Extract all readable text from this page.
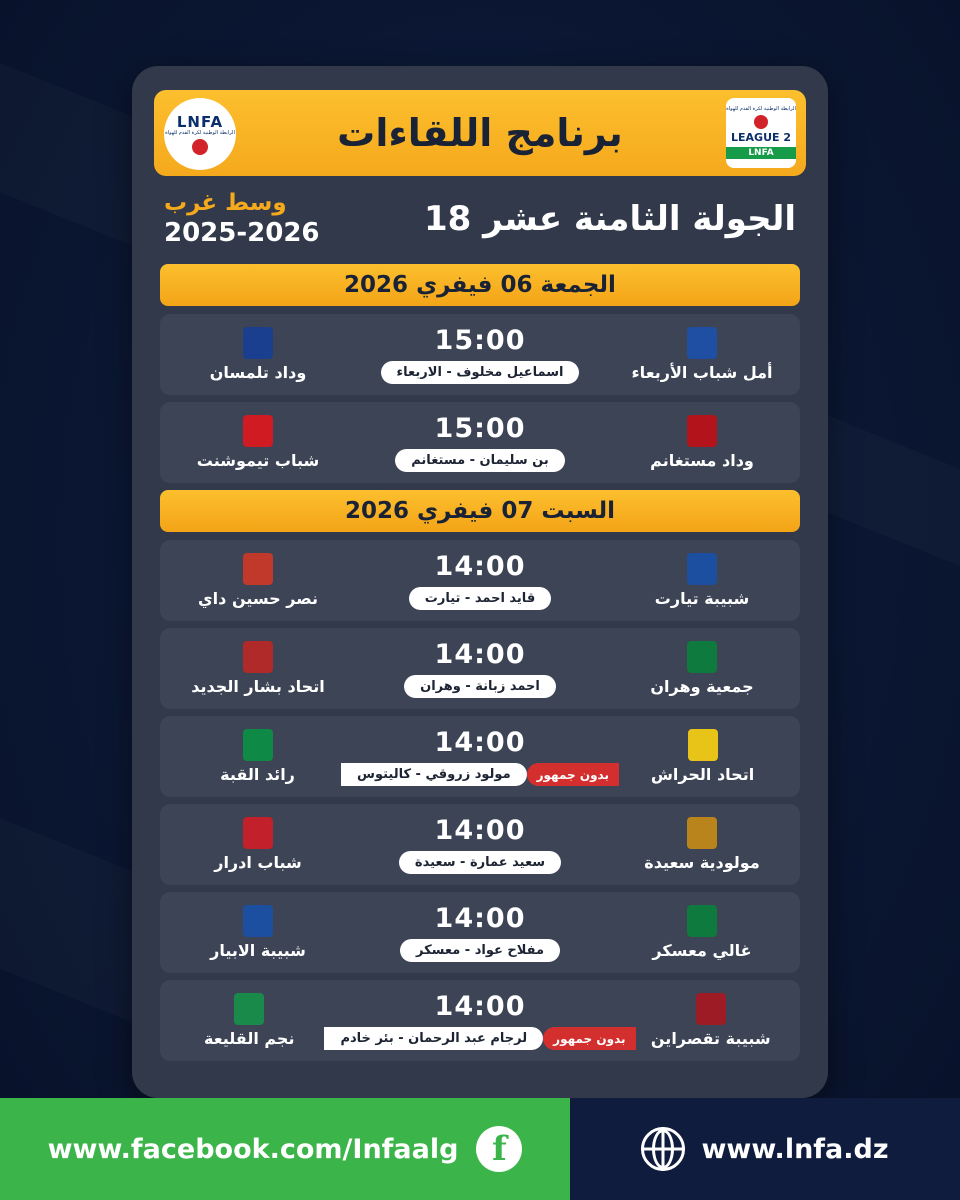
الرابطة الوطنية لكرة القدم للهواة
LEAGUE 2
LNFA
برنامج اللقاءات
LNFA
الرابطة الوطنية لكرة القدم للهواة
الجولة الثامنة عشر 18
وسط غرب
2025-2026
الجمعة 06 فيفري 2026
أمل شباب الأربعاء
15:00
اسماعيل مخلوف - الاربعاء
وداد تلمسان
وداد مستغانم
15:00
بن سليمان - مستغانم
شباب تيموشنت
السبت 07 فيفري 2026
شبيبة تيارت
14:00
قايد احمد - تيارت
نصر حسين داي
جمعية وهران
14:00
احمد زبانة - وهران
اتحاد بشار الجديد
اتحاد الحراش
14:00
بدون جمهور
مولود زروقي - كاليتوس
رائد القبة
مولودية سعيدة
14:00
سعيد عمارة - سعيدة
شباب ادرار
غالي معسكر
14:00
مفلاح عواد - معسكر
شبيبة الابيار
شبيبة تقصراين
14:00
بدون جمهور
لرجام عبد الرحمان - بئر خادم
نجم القليعة
www.lnfa.dz
f
www.facebook.com/Infaalg
